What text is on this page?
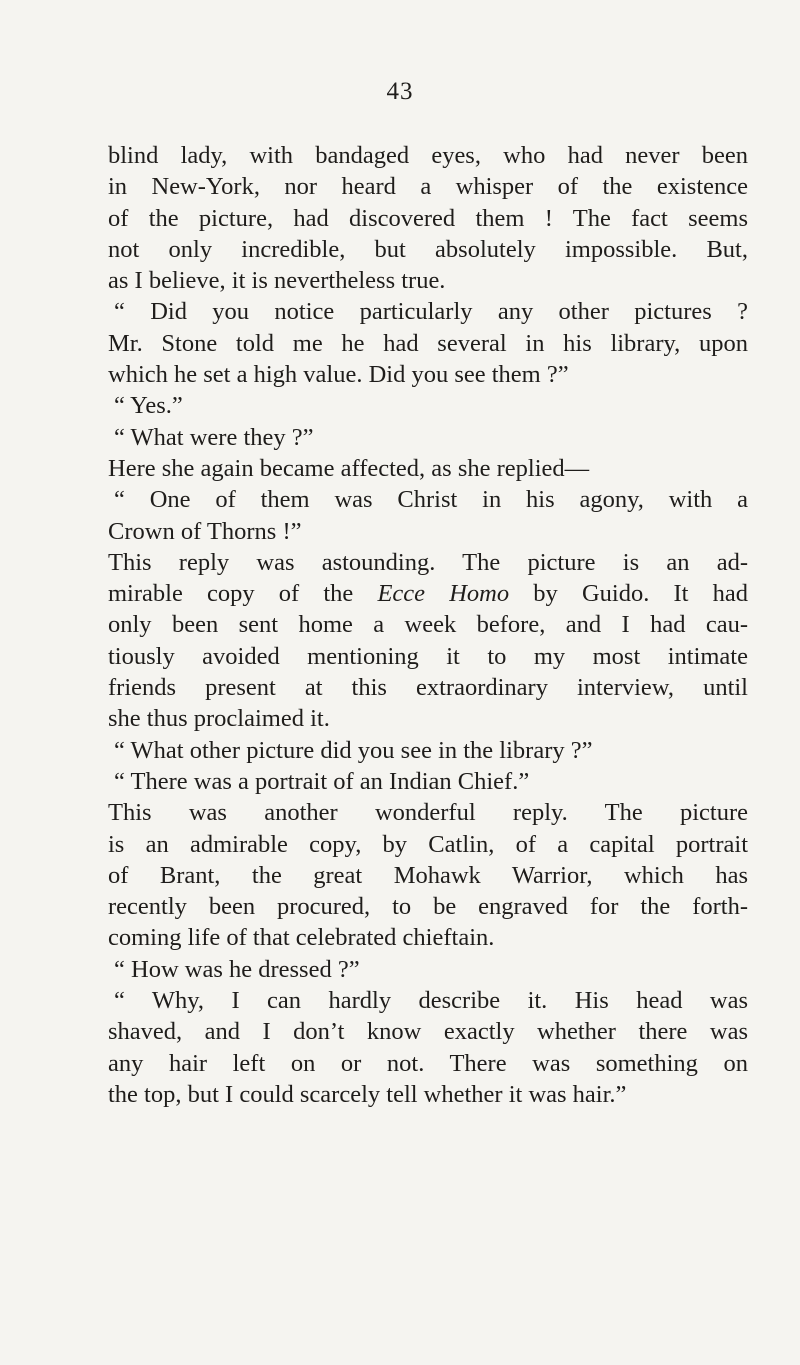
43
blind lady, with bandaged eyes, who had never been
in New-York, nor heard a whisper of the existence
of the picture, had discovered them ! The fact seems
not only incredible, but absolutely impossible. But,
as I believe, it is nevertheless true.
“ Did you notice particularly any other pictures ?
Mr. Stone told me he had several in his library, upon
which he set a high value. Did you see them ?”
“ Yes.”
“ What were they ?”
Here she again became affected, as she replied—
“ One of them was Christ in his agony, with a
Crown of Thorns !”
This reply was astounding. The picture is an ad-
mirable copy of the Ecce Homo by Guido. It had
only been sent home a week before, and I had cau-
tiously avoided mentioning it to my most intimate
friends present at this extraordinary interview, until
she thus proclaimed it.
“ What other picture did you see in the library ?”
“ There was a portrait of an Indian Chief.”
This was another wonderful reply. The picture
is an admirable copy, by Catlin, of a capital portrait
of Brant, the great Mohawk Warrior, which has
recently been procured, to be engraved for the forth-
coming life of that celebrated chieftain.
“ How was he dressed ?”
“ Why, I can hardly describe it. His head was
shaved, and I don’t know exactly whether there was
any hair left on or not. There was something on
the top, but I could scarcely tell whether it was hair.”
